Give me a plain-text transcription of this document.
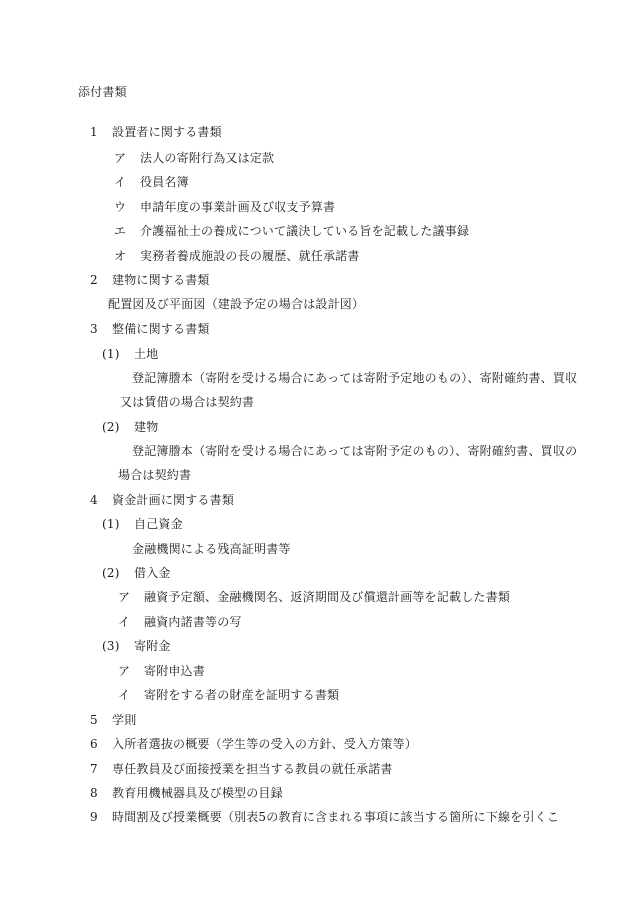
添付書類
1 設置者に関する書類
ア 法人の寄附行為又は定款
イ 役員名簿
ウ 申請年度の事業計画及び収支予算書
エ 介護福祉士の養成について議決している旨を記載した議事録
オ 実務者養成施設の長の履歴、就任承諾書
2 建物に関する書類
配置図及び平面図（建設予定の場合は設計図）
3 整備に関する書類
(1) 土地
登記簿謄本（寄附を受ける場合にあっては寄附予定地のもの）、寄附確約書、買収
又は賃借の場合は契約書
(2) 建物
登記簿謄本（寄附を受ける場合にあっては寄附予定のもの）、寄附確約書、買収の
場合は契約書
4 資金計画に関する書類
(1) 自己資金
金融機関による残高証明書等
(2) 借入金
ア 融資予定額、金融機関名、返済期間及び償還計画等を記載した書類
イ 融資内諾書等の写
(3) 寄附金
ア 寄附申込書
イ 寄附をする者の財産を証明する書類
5 学則
6 入所者選抜の概要（学生等の受入の方針、受入方策等）
7 専任教員及び面接授業を担当する教員の就任承諾書
8 教育用機械器具及び模型の目録
9 時間割及び授業概要（別表5の教育に含まれる事項に該当する箇所に下線を引くこ
